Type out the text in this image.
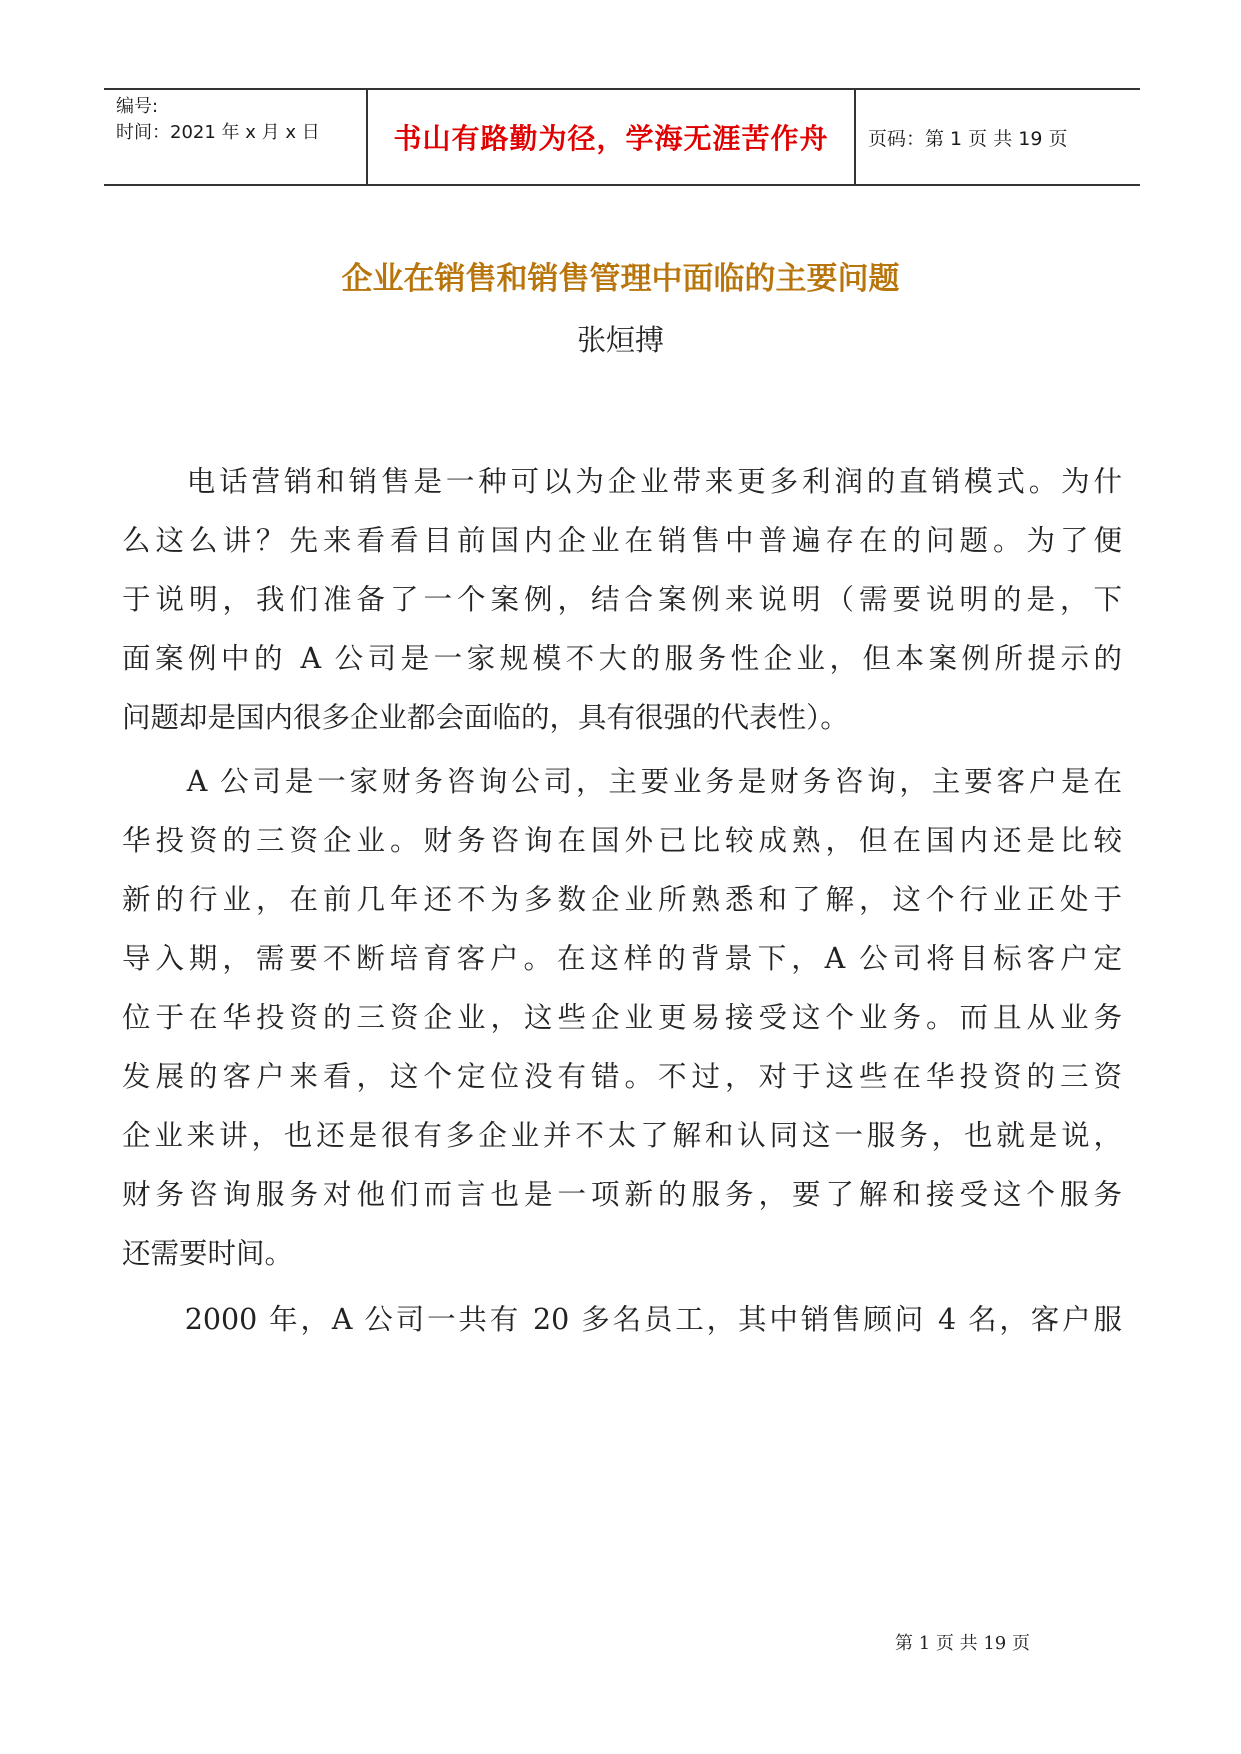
编号:
时间：2021 年 x 月 x 日	书山有路勤为径，学海无涯苦作舟 页码：第 1 页 共 19 页
企业在销售和销售管理中面临的主要问题
张烜搏
　　电话营销和销售是一种可以为企业带来更多利润的直销模式。为什
么这么讲？先来看看目前国内企业在销售中普遍存在的问题。为了便
于说明，我们准备了一个案例，结合案例来说明（需要说明的是，下
面案例中的 A 公司是一家规模不大的服务性企业，但本案例所提示的
问题却是国内很多企业都会面临的，具有很强的代表性）。
　　A 公司是一家财务咨询公司，主要业务是财务咨询，主要客户是在
华投资的三资企业。财务咨询在国外已比较成熟，但在国内还是比较
新的行业，在前几年还不为多数企业所熟悉和了解，这个行业正处于
导入期，需要不断培育客户。在这样的背景下，A 公司将目标客户定
位于在华投资的三资企业，这些企业更易接受这个业务。而且从业务
发展的客户来看，这个定位没有错。不过，对于这些在华投资的三资
企业来讲，也还是很有多企业并不太了解和认同这一服务，也就是说，
财务咨询服务对他们而言也是一项新的服务，要了解和接受这个服务
还需要时间。
　　2000 年，A 公司一共有 20 多名员工，其中销售顾问 4 名，客户服
第 1 页 共 19 页
